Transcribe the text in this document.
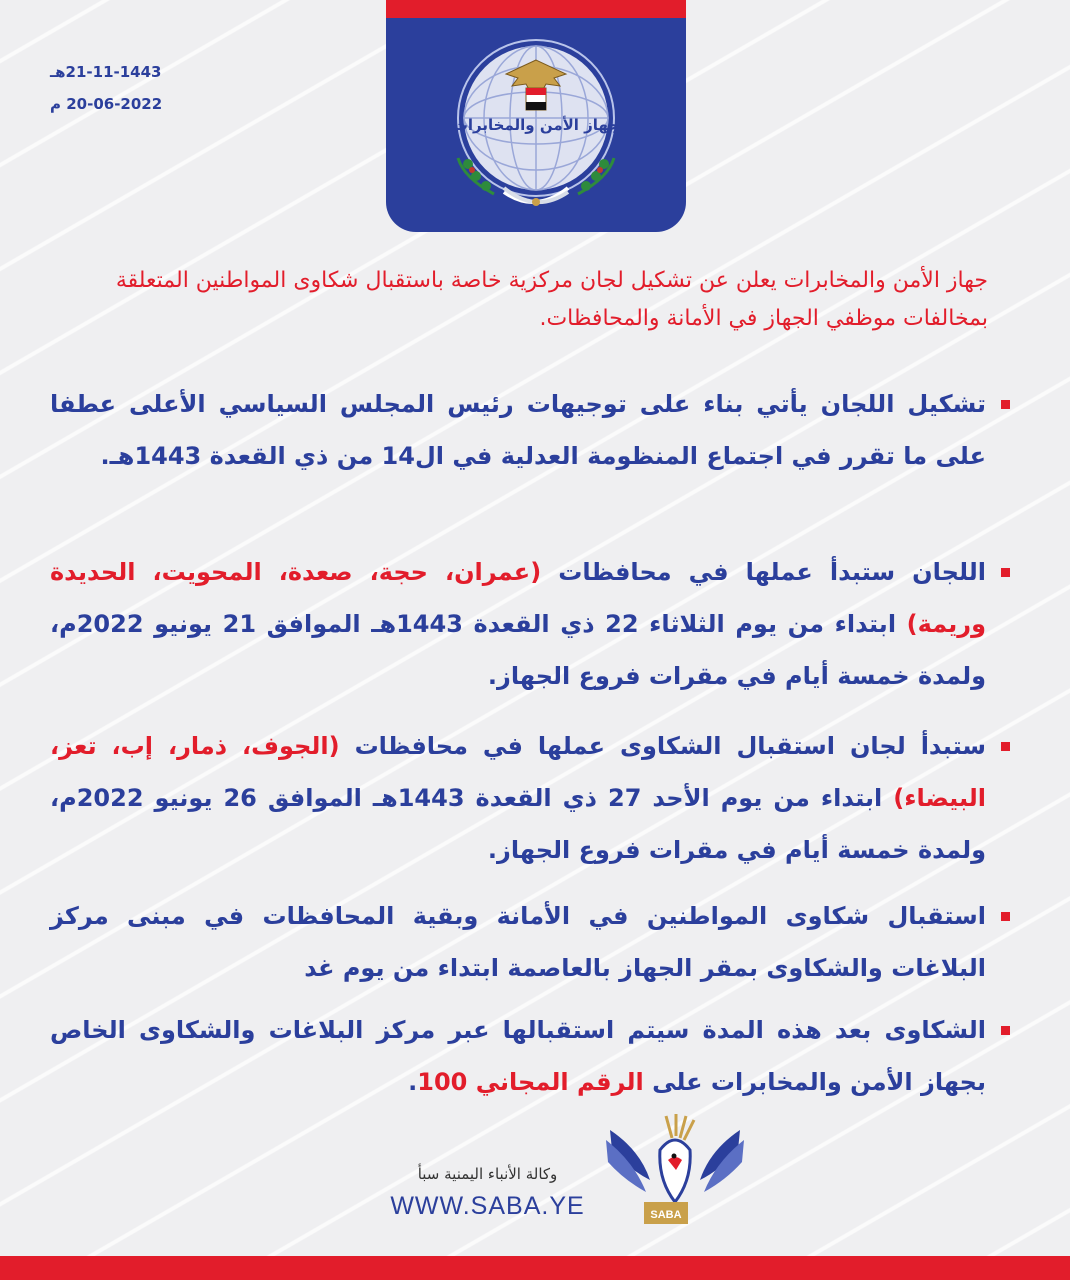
جهاز الأمن والمخابرات
21-11-1443هـ
20-06-2022 م
جهاز الأمن والمخابرات يعلن عن تشكيل لجان مركزية خاصة باستقبال شكاوى المواطنين المتعلقة بمخالفات موظفي الجهاز في الأمانة والمحافظات.
تشكيل اللجان يأتي بناء على توجيهات رئيس المجلس السياسي الأعلى عطفا على ما تقرر في اجتماع المنظومة العدلية في ال14 من ذي القعدة 1443هـ.
اللجان ستبدأ عملها في محافظات (عمران، حجة، صعدة، المحويت، الحديدة وريمة) ابتداء من يوم الثلاثاء 22 ذي القعدة 1443هـ الموافق 21 يونيو 2022م، ولمدة خمسة أيام في مقرات فروع الجهاز.
ستبدأ لجان استقبال الشكاوى عملها في محافظات (الجوف، ذمار، إب، تعز، البيضاء) ابتداء من يوم الأحد 27 ذي القعدة 1443هـ الموافق 26 يونيو 2022م، ولمدة خمسة أيام في مقرات فروع الجهاز.
استقبال شكاوى المواطنين في الأمانة وبقية المحافظات في مبنى مركز البلاغات والشكاوى بمقر الجهاز بالعاصمة ابتداء من يوم غد
الشكاوى بعد هذه المدة سيتم استقبالها عبر مركز البلاغات والشكاوى الخاص بجهاز الأمن والمخابرات على الرقم المجاني 100.
وكالة الأنباء اليمنية سبأ
WWW.SABA.YE	SABA
